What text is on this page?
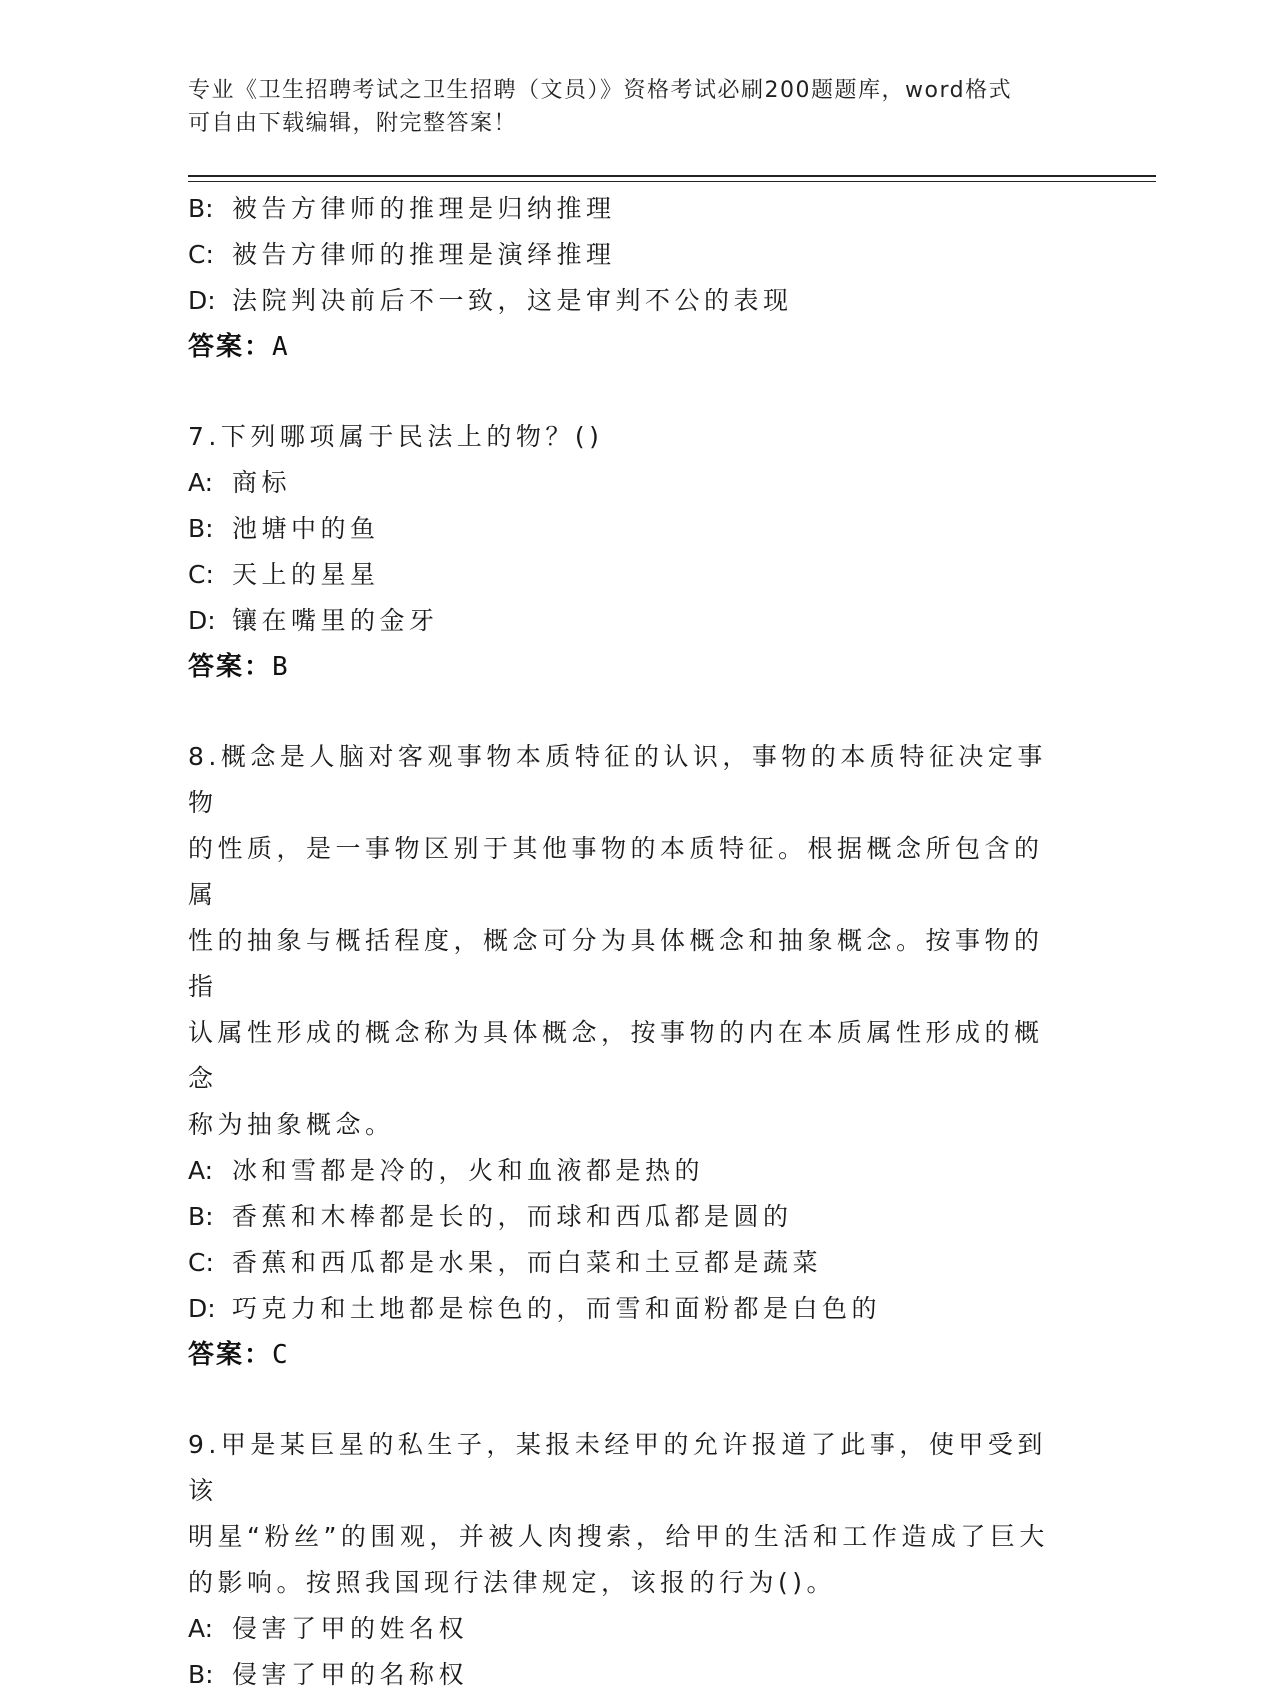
专业《卫生招聘考试之卫生招聘（文员）》资格考试必刷200题题库，word格式
可自由下载编辑，附完整答案！
B: 被告方律师的推理是归纳推理
C: 被告方律师的推理是演绎推理
D: 法院判决前后不一致，这是审判不公的表现
答案：A
7.下列哪项属于民法上的物？()
A: 商标
B: 池塘中的鱼
C: 天上的星星
D: 镶在嘴里的金牙
答案：B
8.概念是人脑对客观事物本质特征的认识，事物的本质特征决定事物
的性质，是一事物区别于其他事物的本质特征。根据概念所包含的属
性的抽象与概括程度，概念可分为具体概念和抽象概念。按事物的指
认属性形成的概念称为具体概念，按事物的内在本质属性形成的概念
称为抽象概念。
A: 冰和雪都是冷的，火和血液都是热的
B: 香蕉和木棒都是长的，而球和西瓜都是圆的
C: 香蕉和西瓜都是水果，而白菜和土豆都是蔬菜
D: 巧克力和土地都是棕色的，而雪和面粉都是白色的
答案：C
9.甲是某巨星的私生子，某报未经甲的允许报道了此事，使甲受到该
明星“粉丝”的围观，并被人肉搜索，给甲的生活和工作造成了巨大
的影响。按照我国现行法律规定，该报的行为()。
A: 侵害了甲的姓名权
B: 侵害了甲的名称权
